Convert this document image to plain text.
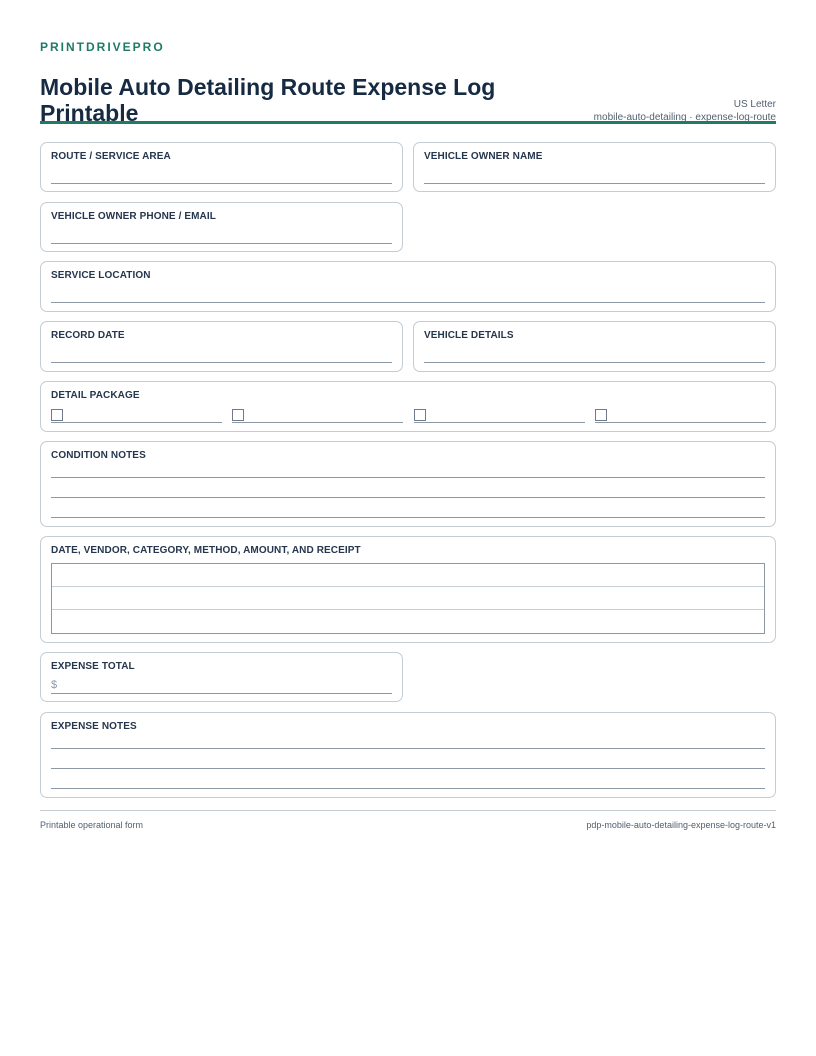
PRINTDRIVEPRO
Mobile Auto Detailing Route Expense Log Printable	US Letter
mobile-auto-detailing · expense-log-route
ROUTE / SERVICE AREA	VEHICLE OWNER NAME
VEHICLE OWNER PHONE / EMAIL
SERVICE LOCATION
RECORD DATE	VEHICLE DETAILS
DETAIL PACKAGE
CONDITION NOTES
DATE, VENDOR, CATEGORY, METHOD, AMOUNT, AND RECEIPT
EXPENSE TOTAL
$
EXPENSE NOTES
Printable operational form	pdp-mobile-auto-detailing-expense-log-route-v1
